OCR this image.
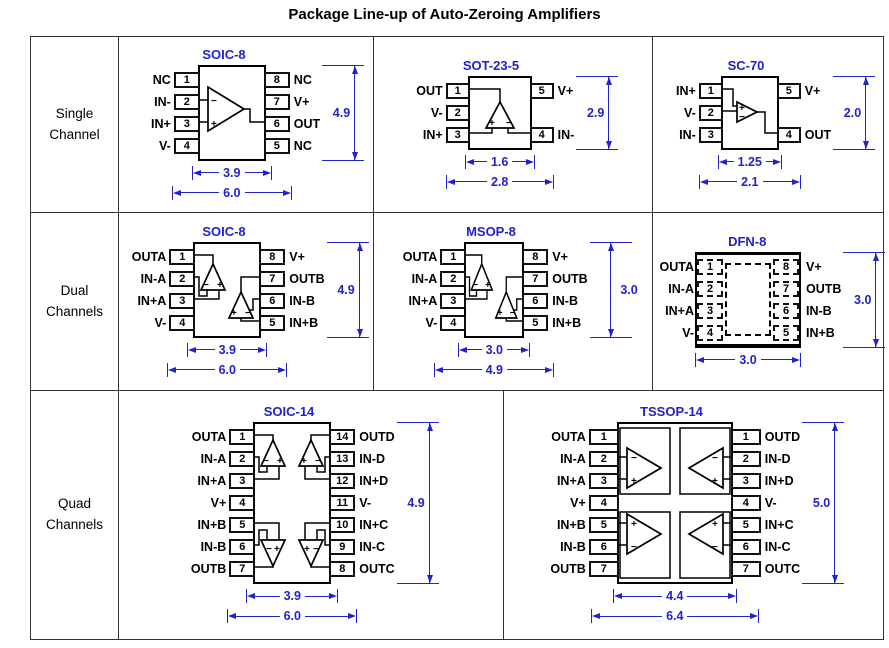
Package Line-up of Auto-Zeroing Amplifiers
Single
Channel
SOIC-8
NC	1
IN-	2
IN+	3
V-	4
−
+
8	NC
7	V+
6	OUT
5	NC
4.9
3.9
6.0
SOT-23-5
OUT	1
V-	2
IN+	3
+ −
5	V+
4	IN-
2.9
1.6
2.8
SC-70
IN+	1
V-	2
IN-	3
+
−
5	V+
4	OUT
2.0
1.25
2.1
Dual
Channels
SOIC-8
OUTA	1
IN-A	2
IN+A	3
V-	4
− +
+ −
8	V+
7	OUTB
6	IN-B
5	IN+B
4.9
3.9
6.0
MSOP-8
OUTA	1
IN-A	2
IN+A	3
V-	4
− +
+ −
8	V+
7	OUTB
6	IN-B
5	IN+B
3.0
3.0
4.9
DFN-8
OUTA	1
IN-A	2
IN+A	3
V-	4
8	V+
7	OUTB
6	IN-B
5	IN+B
3.0
3.0
Quad
Channels
SOIC-14
OUTA	1
IN-A	2
IN+A	3
V+	4
IN+B	5
IN-B	6
OUTB	7
− + + −
− + + −
14 OUTD
13 IN-D
12 IN+D
11 V-
10 IN+C
9	IN-C
8	OUTC
4.9
3.9
6.0
TSSOP-14
OUTA	1
IN-A	2
IN+A	3
V+	4
IN+B	5
IN-B	6
OUTB	7
−
+
−
+
+
−
+
−
1	OUTD
2	IN-D
3	IN+D
4	V-
5	IN+C
6	IN-C
7	OUTC
5.0
4.4
6.4
